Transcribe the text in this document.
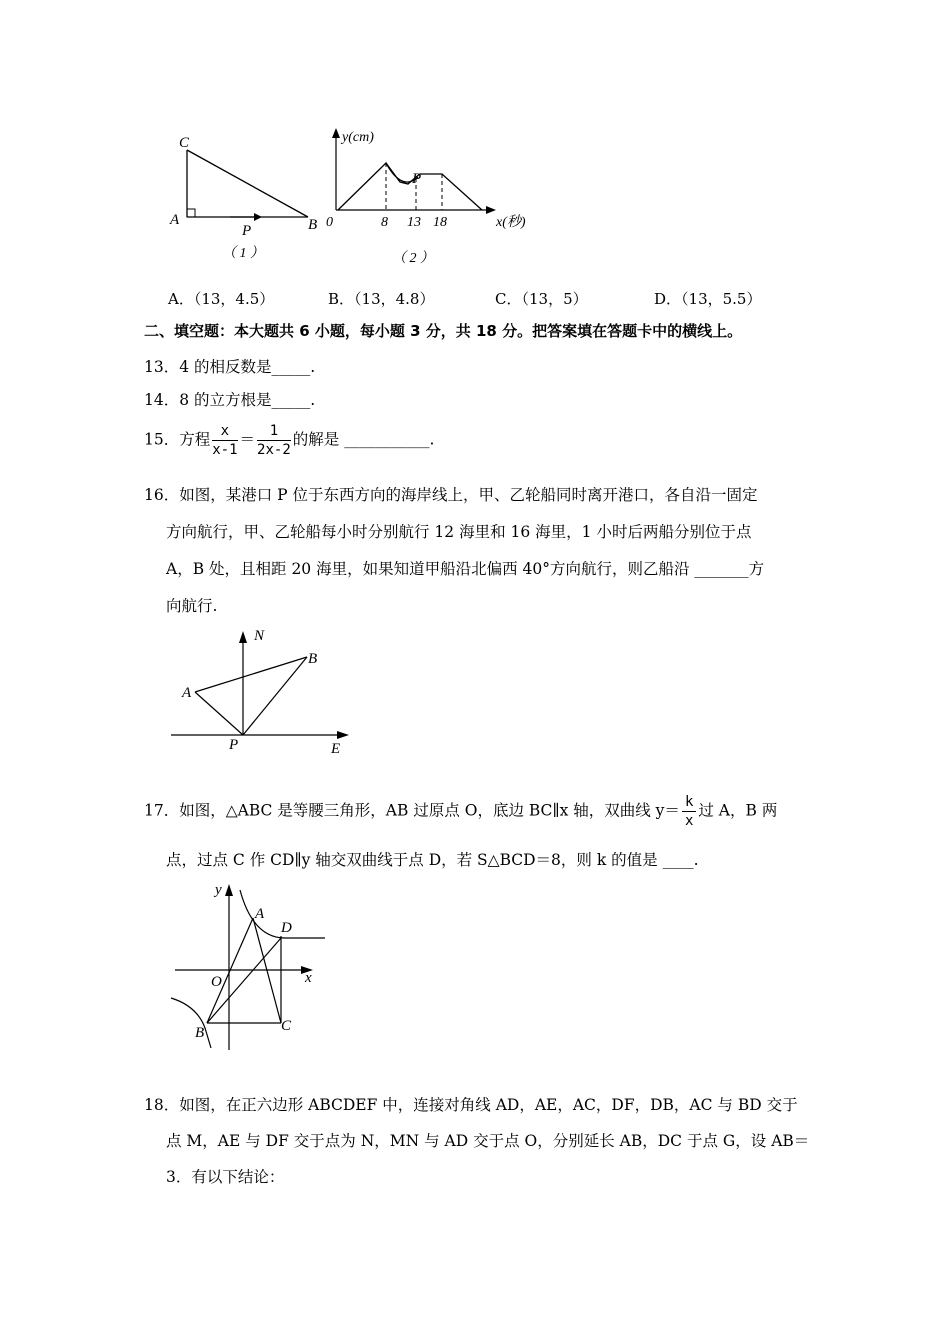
C
A
P	B
（ 1 ）
y(cm)
0	8 13 18
P
x(秒)
（ 2 ）
A．（13，4.5）	B．（13，4.8）	C．（13，5）	D．（13，5.5）
二、填空题：本大题共 6 小题，每小题 3 分，共 18 分。把答案填在答题卡中的横线上。
13．4 的相反数是_____.
14．8 的立方根是_____.
15．方程 $\frac{x}{x-1} = \frac{1}{2x-2}$ 的解是 ___________.
16．如图，某港口 P 位于东西方向的海岸线上，甲、乙轮船同时离开港口，各自沿一固定
方向航行，甲、乙轮船每小时分别航行 12 海里和 16 海里，1 小时后两船分别位于点
A，B 处，且相距 20 海里，如果知道甲船沿北偏西 40°方向航行，则乙船沿 _______方
向航行.
N
A
B
P	E
17．如图，△ABC 是等腰三角形，AB 过原点 O，底边 BC∥x 轴，双曲线 $y= \frac{k}{x}$ 过 A，B 两
点，过点 C 作 CD∥y 轴交双曲线于点 D，若 S△BCD＝8，则 k 的值是 ____.
y
A
D
O	x
B	C
18．如图，在正六边形 ABCDEF 中，连接对角线 AD，AE，AC，DF，DB，AC 与 BD 交于
点 M，AE 与 DF 交于点为 N，MN 与 AD 交于点 O，分别延长 AB，DC 于点 G，设 AB＝
3．有以下结论：
